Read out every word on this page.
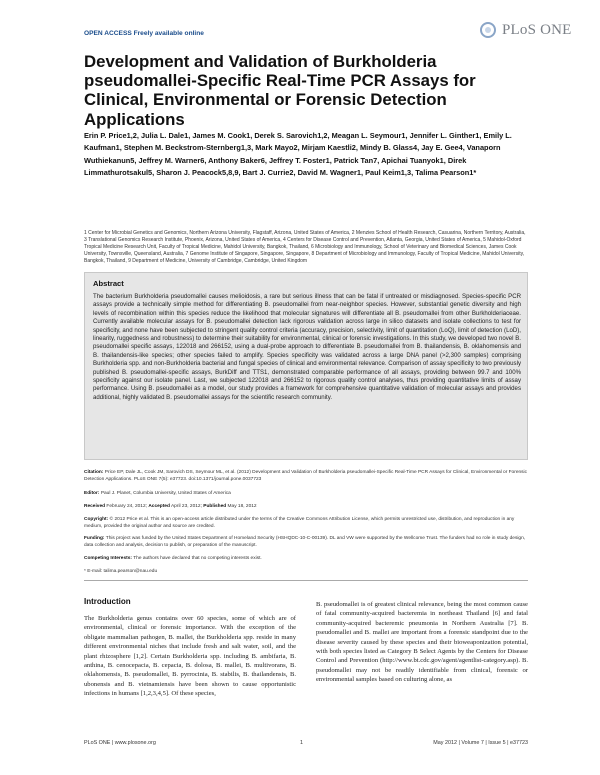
OPEN ACCESS Freely available online	PLoS ONE
Development and Validation of Burkholderia pseudomallei-Specific Real-Time PCR Assays for Clinical, Environmental or Forensic Detection Applications
Erin P. Price1,2, Julia L. Dale1, James M. Cook1, Derek S. Sarovich1,2, Meagan L. Seymour1, Jennifer L. Ginther1, Emily L. Kaufman1, Stephen M. Beckstrom-Sternberg1,3, Mark Mayo2, Mirjam Kaestli2, Mindy B. Glass4, Jay E. Gee4, Vanaporn Wuthiekanun5, Jeffrey M. Warner6, Anthony Baker6, Jeffrey T. Foster1, Patrick Tan7, Apichai Tuanyok1, Direk Limmathurotsakul5, Sharon J. Peacock5,8,9, Bart J. Currie2, David M. Wagner1, Paul Keim1,3, Talima Pearson1*
1 Center for Microbial Genetics and Genomics, Northern Arizona University, Flagstaff, Arizona, United States of America, 2 Menzies School of Health Research, Casuarina, Northern Territory, Australia, 3 Translational Genomics Research Institute, Phoenix, Arizona, United States of America, 4 Centers for Disease Control and Prevention, Atlanta, Georgia, United States of America, 5 Mahidol-Oxford Tropical Medicine Research Unit, Faculty of Tropical Medicine, Mahidol University, Bangkok, Thailand, 6 Microbiology and Immunology, School of Veterinary and Biomedical Sciences, James Cook University, Townsville, Queensland, Australia, 7 Genome Institute of Singapore, Singapore, Singapore, 8 Department of Microbiology and Immunology, Faculty of Tropical Medicine, Mahidol University, Bangkok, Thailand, 9 Department of Medicine, University of Cambridge, Cambridge, United Kingdom
Abstract
The bacterium Burkholderia pseudomallei causes melioidosis, a rare but serious illness that can be fatal if untreated or misdiagnosed. Species-specific PCR assays provide a technically simple method for differentiating B. pseudomallei from near-neighbor species. However, substantial genetic diversity and high levels of recombination within this species reduce the likelihood that molecular signatures will differentiate all B. pseudomallei from other Burkholderiaceae. Currently available molecular assays for B. pseudomallei detection lack rigorous validation across large in silico datasets and isolate collections to test for specificity, and none have been subjected to stringent quality control criteria (accuracy, precision, selectivity, limit of quantitation (LoQ), limit of detection (LoD), linearity, ruggedness and robustness) to determine their suitability for environmental, clinical or forensic investigations. In this study, we developed two novel B. pseudomallei specific assays, 122018 and 266152, using a dual-probe approach to differentiate B. pseudomallei from B. thailandensis, B. oklahomensis and B. thailandensis-like species; other species failed to amplify. Species specificity was validated across a large DNA panel (>2,300 samples) comprising Burkholderia spp. and non-Burkholderia bacterial and fungal species of clinical and environmental relevance. Comparison of assay specificity to two previously published B. pseudomallei-specific assays, BurkDiff and TTS1, demonstrated comparable performance of all assays, providing between 99.7 and 100% specificity against our isolate panel. Last, we subjected 122018 and 266152 to rigorous quality control analyses, thus providing quantitative limits of assay performance. Using B. pseudomallei as a model, our study provides a framework for comprehensive quantitative validation of molecular assays and provides additional, highly validated B. pseudomallei assays for the scientific research community.
Citation: Price EP, Dale JL, Cook JM, Sarovich DS, Seymour ML, et al. (2012) Development and Validation of Burkholderia pseudomallei-Specific Real-Time PCR Assays for Clinical, Environmental or Forensic Detection Applications. PLoS ONE 7(5): e37723. doi:10.1371/journal.pone.0037723
Editor: Paul J. Planet, Columbia University, United States of America
Received February 24, 2012; Accepted April 23, 2012; Published May 18, 2012
Copyright: © 2012 Price et al. This is an open-access article distributed under the terms of the Creative Commons Attribution License, which permits unrestricted use, distribution, and reproduction in any medium, provided the original author and source are credited.
Funding: This project was funded by the United States Department of Homeland Security (HSHQDC-10-C-00139). DL and VW were supported by the Wellcome Trust. The funders had no role in study design, data collection and analysis, decision to publish, or preparation of the manuscript.
Competing Interests: The authors have declared that no competing interests exist.
* E-mail: talima.pearson@nau.edu
Introduction
The Burkholderia genus contains over 60 species, some of which are of environmental, clinical or forensic importance. With the exception of the obligate mammalian pathogen, B. mallei, the Burkholderia spp. reside in many different environmental niches that include fresh and salt water, soil, and the plant rhizosphere [1,2]. Certain Burkholderia spp. including B. ambifaria, B. anthina, B. cenocepacia, B. cepacia, B. dolosa, B. mallei, B. multivorans, B. oklahomensis, B. pseudomallei, B. pyrrocinia, B. stabilis, B. thailandensis, B. ubonensis and B. vietnamiensis have been shown to cause opportunistic infections in humans [1,2,3,4,5]. Of these species,
B. pseudomallei is of greatest clinical relevance, being the most common cause of fatal community-acquired bacteremia in northeast Thailand [6] and fatal community-acquired bacteremic pneumonia in Northern Australia [7]. B. pseudomallei and B. mallei are important from a forensic standpoint due to the disease severity caused by these species and their bioweaponization potential, with both species listed as Category B Select Agents by the Centers for Disease Control and Prevention (http://www.bt.cdc.gov/agent/agentlist-category.asp). B. pseudomallei may not be readily identifiable from clinical, forensic or environmental samples based on culturing alone, as
PLoS ONE | www.plosone.org	1	May 2012 | Volume 7 | Issue 5 | e37723
